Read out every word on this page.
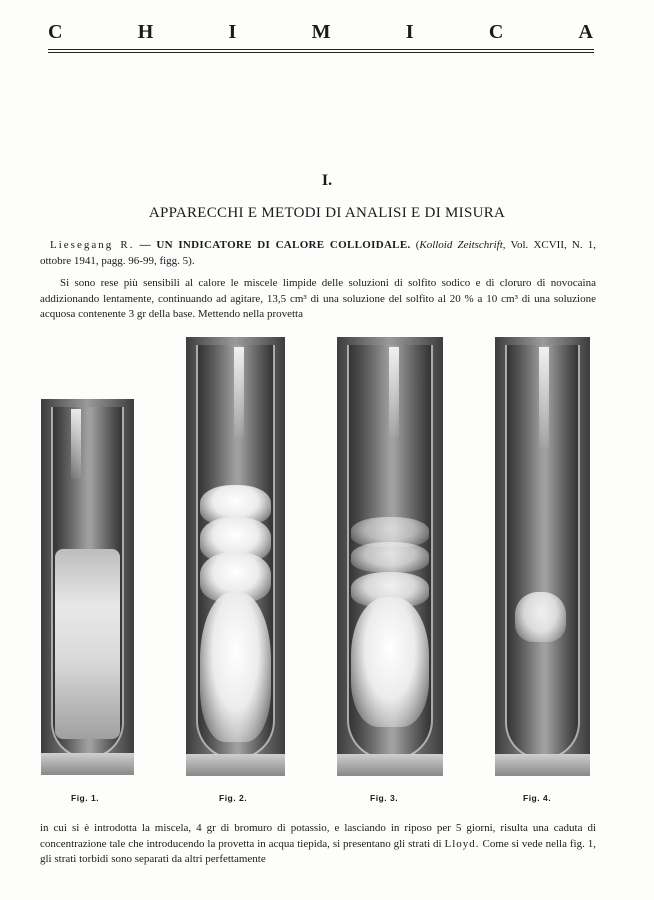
C	H	I	M	I	C	A
I.
APPARECCHI E METODI DI ANALISI E DI MISURA
Liesegang R. — UN INDICATORE DI CALORE COLLOIDALE. (Kolloid Zeitschrift, Vol. XCVII, N. 1, ottobre 1941, pagg. 96-99, figg. 5).
Si sono rese più sensibili al calore le miscele limpide delle soluzioni di solfito sodico e di cloruro di novocaina addizionando lentamente, continuando ad agitare, 13,5 cm³ di una soluzione del solfito al 20 % a 10 cm³ di una soluzione acquosa contenente 3 gr della base. Mettendo nella provetta
Fig. 1.	Fig. 2.	Fig. 3.	Fig. 4.
in cui si è introdotta la miscela, 4 gr di bromuro di potassio, e lasciando in riposo per 5 giorni, risulta una caduta di concentrazione tale che introducendo la provetta in acqua tiepida, si presentano gli strati di Lloyd. Come si vede nella fig. 1, gli strati torbidi sono separati da altri perfettamente
